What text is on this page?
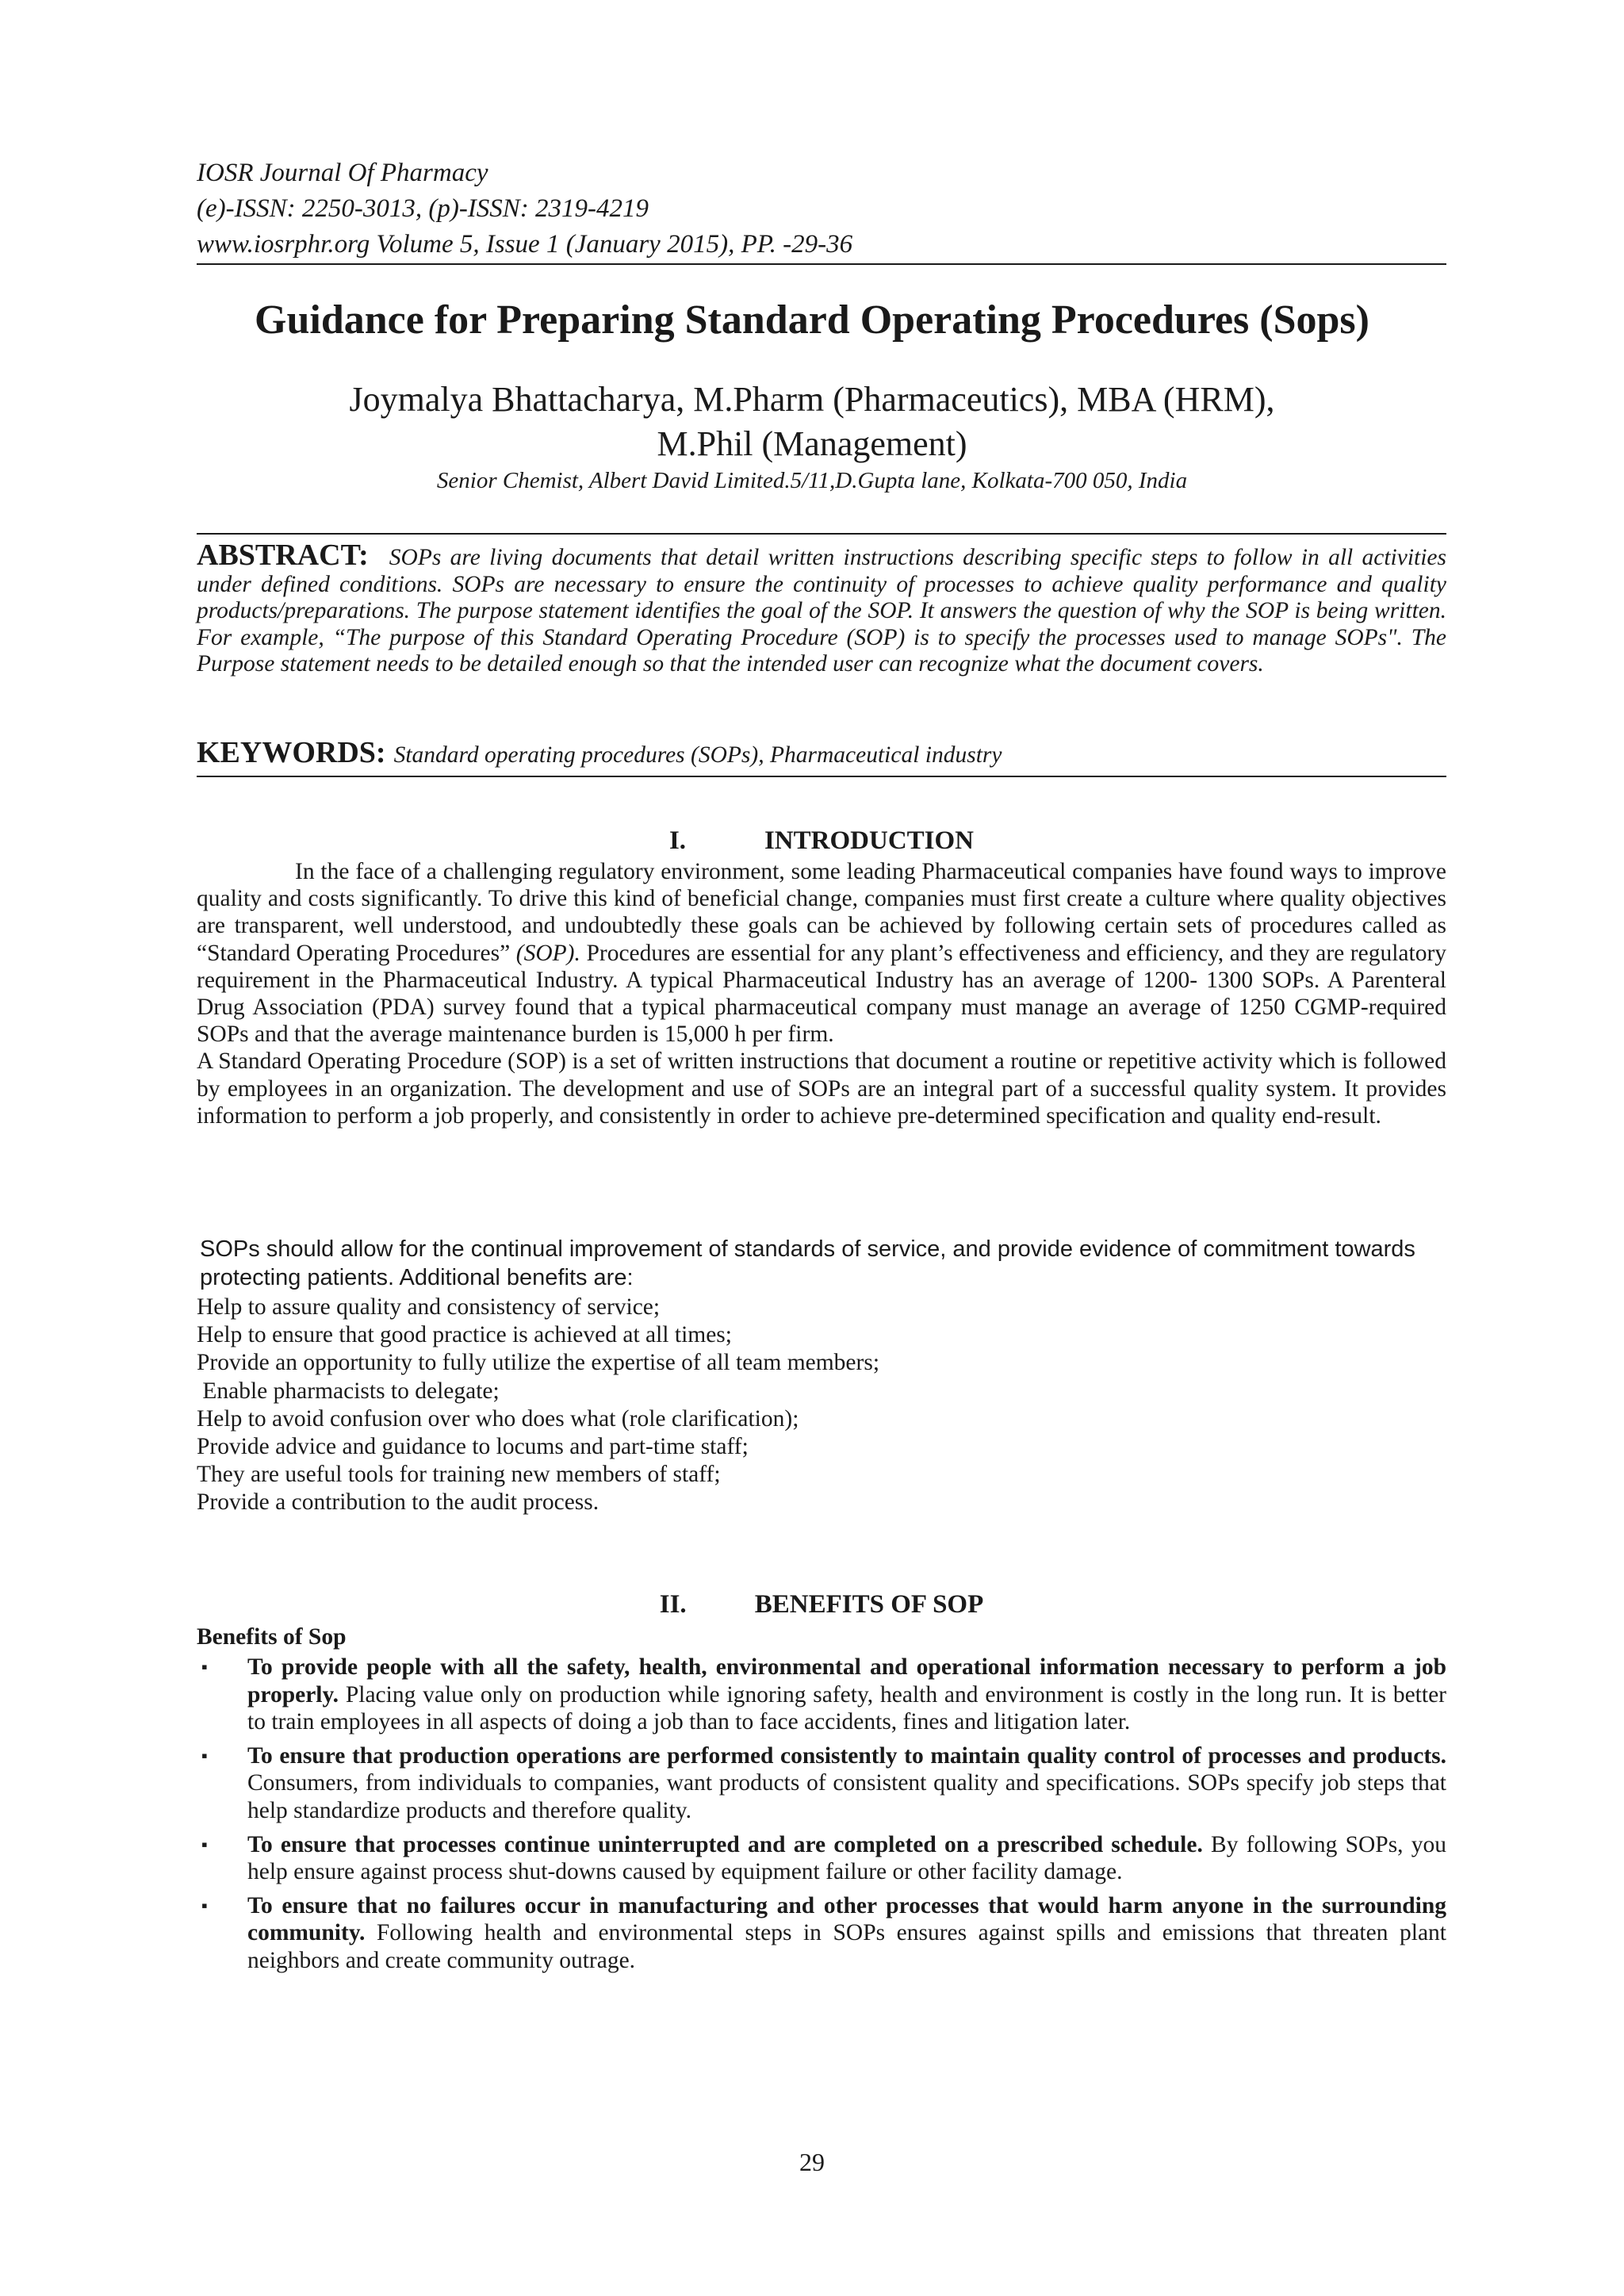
IOSR Journal Of Pharmacy
(e)-ISSN: 2250-3013, (p)-ISSN: 2319-4219
www.iosrphr.org Volume 5, Issue 1 (January 2015), PP. -29-36
Guidance for Preparing Standard Operating Procedures (Sops)
Joymalya Bhattacharya, M.Pharm (Pharmaceutics), MBA (HRM),
M.Phil (Management)
Senior Chemist, Albert David Limited.5/11,D.Gupta lane, Kolkata-700 050, India
ABSTRACT: SOPs are living documents that detail written instructions describing specific steps to follow in all activities under defined conditions. SOPs are necessary to ensure the continuity of processes to achieve quality performance and quality products/preparations. The purpose statement identifies the goal of the SOP. It answers the question of why the SOP is being written. For example, “The purpose of this Standard Operating Procedure (SOP) is to specify the processes used to manage SOPs". The Purpose statement needs to be detailed enough so that the intended user can recognize what the document covers.
KEYWORDS: Standard operating procedures (SOPs), Pharmaceutical industry
I.	INTRODUCTION

In the face of a challenging regulatory environment, some leading Pharmaceutical companies have found ways to improve quality and costs significantly. To drive this kind of beneficial change, companies must first create a culture where quality objectives are transparent, well understood, and undoubtedly these goals can be achieved by following certain sets of procedures called as “Standard Operating Procedures” (SOP). Procedures are essential for any plant’s effectiveness and efficiency, and they are regulatory requirement in the Pharmaceutical Industry. A typical Pharmaceutical Industry has an average of 1200- 1300 SOPs. A Parenteral Drug Association (PDA) survey found that a typical pharmaceutical company must manage an average of 1250 CGMP-required SOPs and that the average maintenance burden is 15,000 h per firm.

A Standard Operating Procedure (SOP) is a set of written instructions that document a routine or repetitive activity which is followed by employees in an organization. The development and use of SOPs are an integral part of a successful quality system. It provides information to perform a job properly, and consistently in order to achieve pre-determined specification and quality end-result.

SOPs should allow for the continual improvement of standards of service, and provide evidence of commitment towards protecting patients. Additional benefits are:

Help to assure quality and consistency of service;
Help to ensure that good practice is achieved at all times;
Provide an opportunity to fully utilize the expertise of all team members;
Enable pharmacists to delegate;
Help to avoid confusion over who does what (role clarification);
Provide advice and guidance to locums and part-time staff;
They are useful tools for training new members of staff;
Provide a contribution to the audit process.
II.	BENEFITS OF SOP
Benefits of Sop
▪ To provide people with all the safety, health, environmental and operational information necessary to perform a job properly. Placing value only on production while ignoring safety, health and environment is costly in the long run. It is better to train employees in all aspects of doing a job than to face accidents, fines and litigation later.
▪ To ensure that production operations are performed consistently to maintain quality control of processes and products. Consumers, from individuals to companies, want products of consistent quality and specifications. SOPs specify job steps that help standardize products and therefore quality.
▪ To ensure that processes continue uninterrupted and are completed on a prescribed schedule. By following SOPs, you help ensure against process shut-downs caused by equipment failure or other facility damage.
▪ To ensure that no failures occur in manufacturing and other processes that would harm anyone in the surrounding community. Following health and environmental steps in SOPs ensures against spills and emissions that threaten plant neighbors and create community outrage.
29
